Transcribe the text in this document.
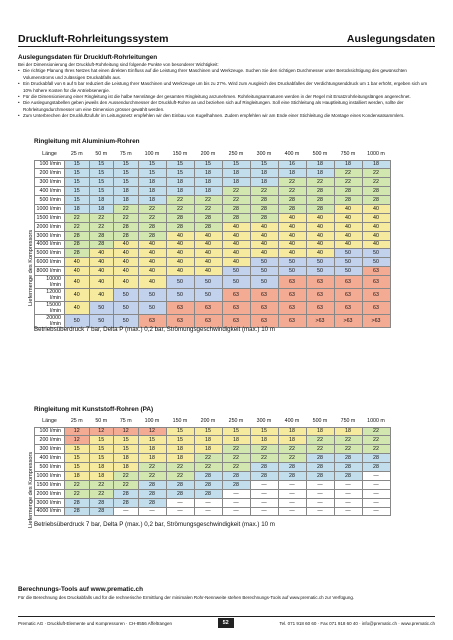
Druckluft-Rohrleitungssystem	Auslegungsdaten
Auslegungsdaten für Druckluft-Rohrleitungen

Bei der Dimensionierung der Druckluft-Rohrleitung sind folgende Punkte von besonderer Wichtigkeit:

• Die richtige Planung Ihres Netzes hat einen direkten Einfluss auf die Leistung Ihrer Maschinen und Werkzeuge. Suchen Sie den richtigen Durchmesser unter Berücksichtigung des gewünschten Volumenstroms und zulässigen Druckabfalls aus.
• Ein Druckabfall von 6 auf 5 bar reduziert die Leistung Ihrer Maschinen und Werkzeuge um bis zu 27%. Wird zum Ausgleich des Druckabfalles der Verdichtungsenddruck um 1 bar erhöht, ergeben sich um 10% höhere Kosten für die Antriebsenergie.
• Für die Dimensionierung einer Ringleitung ist die halbe Nennlänge der gesamten Ringleitung anzunehmen. Rohrleitungsarmaturen werden in der Regel mit Ersatzrohrleitungslängen angerechnet.
• Die Auslegungstabellen geben jeweils den Aussendurchmesser der Druckluft-Rohre an und beziehen sich auf Ringleitungen. Soll eine Stichleitung als Hauptleitung installiert werden, sollte der Rohrleitungsdurchmesser um eine Dimension grösser gewählt werden.
• Zum Unterbrechen der Druckluftzufuhr im Leitungsnetz empfehlen wir den Einbau von Kugelhahnen. Zudem empfehlen wir am Ende einer Stichleitung die Montage eines Kondensatsammlers.
Ringleitung mit Aluminium-Rohren
Liefermenge des Kompressors
Länge	25 m	50 m	75 m	100 m	150 m	200 m	250 m	300 m	400 m	500 m	750 m	1000 m
100 l/min	15	15	15	15	15	15	15	15	16	18	18	18
200 l/min	15	15	15	15	15	18	18	18	18	18	22	22
300 l/min	15	15	15	18	18	18	18	18	22	22	22	22
400 l/min	15	15	18	18	18	18	22	22	22	28	28	28
500 l/min	15	18	18	18	22	22	22	28	28	28	28	28
1000 l/min	18	18	22	22	22	22	28	28	28	28	40	40
1500 l/min	22	22	22	22	28	28	28	28	40	40	40	40
2000 l/min	22	22	28	28	28	28	40	40	40	40	40	40
3000 l/min	28	28	28	28	40	40	40	40	40	40	40	40
4000 l/min	28	28	40	40	40	40	40	40	40	40	40	40
5000 l/min	28	40	40	40	40	40	40	40	40	40	50	50
6000 l/min	40	40	40	40	40	40	40	50	50	50	50	50
8000 l/min	40	40	40	40	40	40	50	50	50	50	50	63
10000 l/min	40	40	40	40	50	50	50	50	63	63	63	63
12000 l/min	40	40	50	50	50	50	63	63	63	63	63	63
15000 l/min	40	50	50	50	63	63	63	63	63	63	63	63
20000 l/min	50	50	50	63	63	63	63	63	63	>63	>63	>63
Betriebsüberdruck 7 bar, Delta P (max.) 0,2 bar, Strömungsgeschwindigkeit (max.) 10 m
Ringleitung mit Kunststoff-Rohren (PA)
Liefermenge des Kompressors
Länge	25 m	50 m	75 m	100 m	150 m	200 m	250 m	300 m	400 m	500 m	750 m	1000 m
100 l/min	12	12	12	12	15	15	15	15	18	18	18	22
200 l/min	12	15	15	15	15	18	18	18	18	22	22	22
300 l/min	15	15	15	18	18	18	22	22	22	22	22	22
400 l/min	15	15	18	18	18	22	22	22	22	28	28	28
500 l/min	15	18	18	22	22	22	22	28	28	28	28	28
1000 l/min	18	18	22	22	22	28	28	28	28	28	28	—
1500 l/min	22	22	22	28	28	28	28	—	—	—	—	—
2000 l/min	22	22	28	28	28	28	—	—	—	—	—	—
3000 l/min	28	28	28	28	—	—	—	—	—	—	—	—
4000 l/min	28	28	—	—	—	—	—	—	—	—	—	—
Betriebsüberdruck 7 bar, Delta P (max.) 0,2 bar, Strömungsgeschwindigkeit (max.) 10 m
Berechnungs-Tools auf www.prematic.ch

Für die Berechnung des Druckabfalls und für die rechnerische Ermittlung der minimalen Rohr-Nennweite stehen Berechnungs-Tools auf www.prematic.ch zur Verfügung.

Prematic AG · Druckluft-Elemente und Kompressoren · CH-8556 Affeltrangen	52	Tel. 071 918 60 60 · Fax 071 918 60 40 · info@prematic.ch · www.prematic.ch
